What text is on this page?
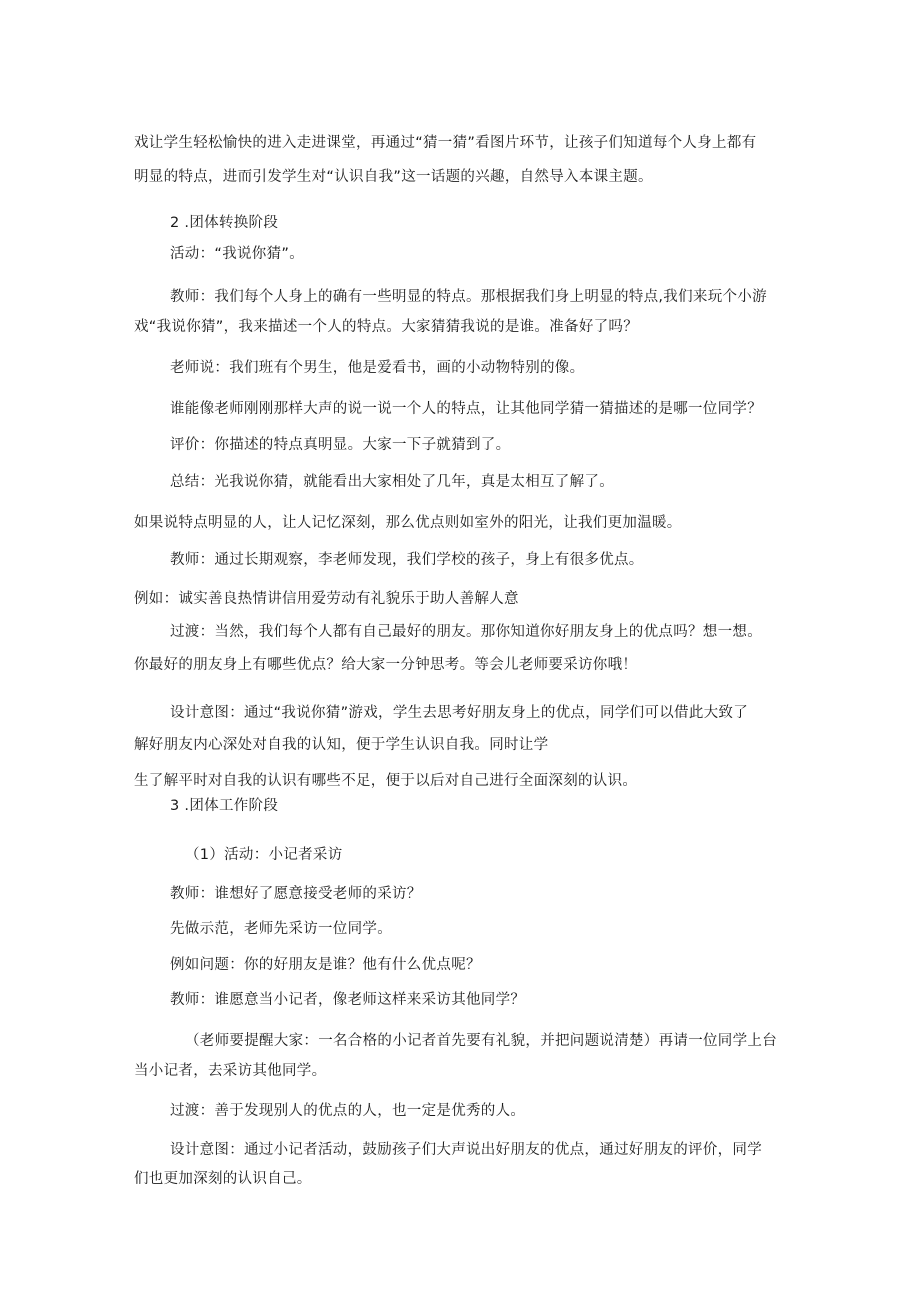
戏让学生轻松愉快的进入走进课堂，再通过“猜一猜”看图片环节，让孩子们知道每个人身上都有
明显的特点，进而引发学生对“认识自我”这一话题的兴趣，自然导入本课主题。
2 .团体转换阶段
活动：“我说你猜”。
教师：我们每个人身上的确有一些明显的特点。那根据我们身上明显的特点,我们来玩个小游
戏“我说你猜”，我来描述一个人的特点。大家猜猜我说的是谁。准备好了吗？
老师说：我们班有个男生，他是爱看书，画的小动物特别的像。
谁能像老师刚刚那样大声的说一说一个人的特点，让其他同学猜一猜描述的是哪一位同学？
评价：你描述的特点真明显。大家一下子就猜到了。
总结：光我说你猜，就能看出大家相处了几年，真是太相互了解了。
如果说特点明显的人，让人记忆深刻，那么优点则如室外的阳光，让我们更加温暖。
教师：通过长期观察，李老师发现，我们学校的孩子，身上有很多优点。
例如：诚实善良热情讲信用爱劳动有礼貌乐于助人善解人意
过渡：当然，我们每个人都有自己最好的朋友。那你知道你好朋友身上的优点吗？想一想。
你最好的朋友身上有哪些优点？给大家一分钟思考。等会儿老师要采访你哦！
设计意图：通过“我说你猜”游戏，学生去思考好朋友身上的优点，同学们可以借此大致了
解好朋友内心深处对自我的认知，便于学生认识自我。同时让学
生了解平时对自我的认识有哪些不足，便于以后对自己进行全面深刻的认识。
3 .团体工作阶段
（1）活动：小记者采访
教师：谁想好了愿意接受老师的采访？
先做示范，老师先采访一位同学。
例如问题：你的好朋友是谁？他有什么优点呢？
教师：谁愿意当小记者，像老师这样来采访其他同学？
（老师要提醒大家：一名合格的小记者首先要有礼貌，并把问题说清楚）再请一位同学上台
当小记者，去采访其他同学。
过渡：善于发现别人的优点的人，也一定是优秀的人。
设计意图：通过小记者活动，鼓励孩子们大声说出好朋友的优点，通过好朋友的评价，同学
们也更加深刻的认识自己。
